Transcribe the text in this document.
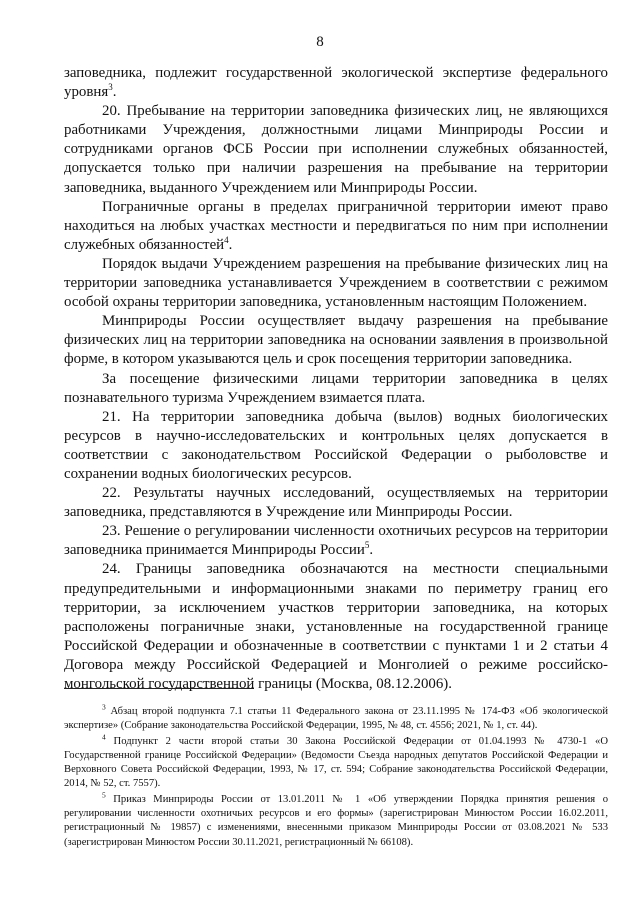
8

заповедника, подлежит государственной экологической экспертизе федерального уровня$^3$.

20. Пребывание на территории заповедника физических лиц, не являющихся работниками Учреждения, должностными лицами Минприроды России и сотрудниками органов ФСБ России при исполнении служебных обязанностей, допускается только при наличии разрешения на пребывание на территории заповедника, выданного Учреждением или Минприроды России.

Пограничные органы в пределах приграничной территории имеют право находиться на любых участках местности и передвигаться по ним при исполнении служебных обязанностей$^4$.

Порядок выдачи Учреждением разрешения на пребывание физических лиц на территории заповедника устанавливается Учреждением в соответствии с режимом особой охраны территории заповедника, установленным настоящим Положением.

Минприроды России осуществляет выдачу разрешения на пребывание физических лиц на территории заповедника на основании заявления в произвольной форме, в котором указываются цель и срок посещения территории заповедника.

За посещение физическими лицами территории заповедника в целях познавательного туризма Учреждением взимается плата.

21. На территории заповедника добыча (вылов) водных биологических ресурсов в научно-исследовательских и контрольных целях допускается в соответствии с законодательством Российской Федерации о рыболовстве и сохранении водных биологических ресурсов.

22. Результаты научных исследований, осуществляемых на территории заповедника, представляются в Учреждение или Минприроды России.

23. Решение о регулировании численности охотничьих ресурсов на территории заповедника принимается Минприроды России$^5$.

24. Границы заповедника обозначаются на местности специальными предупредительными и информационными знаками по периметру границ его территории, за исключением участков территории заповедника, на которых расположены пограничные знаки, установленные на государственной границе Российской Федерации и обозначенные в соответствии с пунктами 1 и 2 статьи 4 Договора между Российской Федерацией и Монголией о режиме российско-монгольской государственной границы (Москва, 08.12.2006).

$^3$ Абзац второй подпункта 7.1 статьи 11 Федерального закона от 23.11.1995 № 174-ФЗ «Об экологической экспертизе» (Собрание законодательства Российской Федерации, 1995, № 48, ст. 4556; 2021, № 1, ст. 44).

$^4$ Подпункт 2 части второй статьи 30 Закона Российской Федерации от 01.04.1993 № 4730-1 «О Государственной границе Российской Федерации» (Ведомости Съезда народных депутатов Российской Федерации и Верховного Совета Российской Федерации, 1993, № 17, ст. 594; Собрание законодательства Российской Федерации, 2014, № 52, ст. 7557).

$^5$ Приказ Минприроды России от 13.01.2011 № 1 «Об утверждении Порядка принятия решения о регулировании численности охотничьих ресурсов и его формы» (зарегистрирован Минюстом России 16.02.2011, регистрационный № 19857) с изменениями, внесенными приказом Минприроды России от 03.08.2021 № 533 (зарегистрирован Минюстом России 30.11.2021, регистрационный № 66108).
